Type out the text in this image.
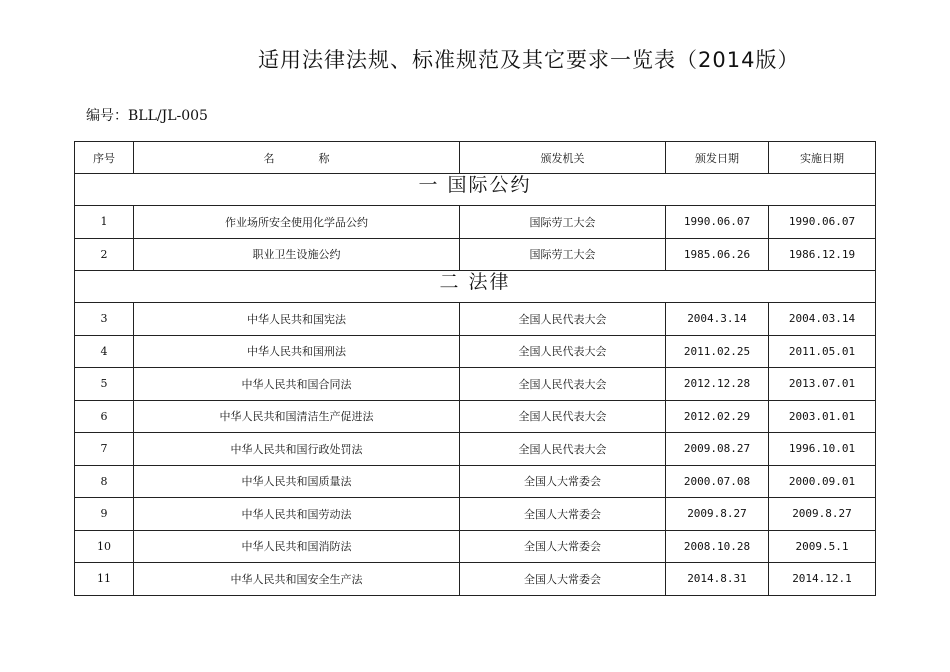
适用法律法规、标准规范及其它要求一览表（2014版）
编号：BLL/JL-005
序号	名　　　　称	颁发机关	颁发日期	实施日期

一 国际公约				

1	作业场所安全使用化学品公约	国际劳工大会	1990.06.07	1990.06.07
2	职业卫生设施公约	国际劳工大会	1985.06.26	1986.12.19

二 法律				

3	中华人民共和国宪法	全国人民代表大会	2004.3.14	2004.03.14
4	中华人民共和国刑法	全国人民代表大会	2011.02.25	2011.05.01
5	中华人民共和国合同法	全国人民代表大会	2012.12.28	2013.07.01
6	中华人民共和国清洁生产促进法	全国人民代表大会	2012.02.29	2003.01.01
7	中华人民共和国行政处罚法	全国人民代表大会	2009.08.27	1996.10.01
8	中华人民共和国质量法	全国人大常委会	2000.07.08	2000.09.01
9	中华人民共和国劳动法	全国人大常委会	2009.8.27	2009.8.27
10	中华人民共和国消防法	全国人大常委会	2008.10.28	2009.5.1
11	中华人民共和国安全生产法	全国人大常委会	2014.8.31	2014.12.1
